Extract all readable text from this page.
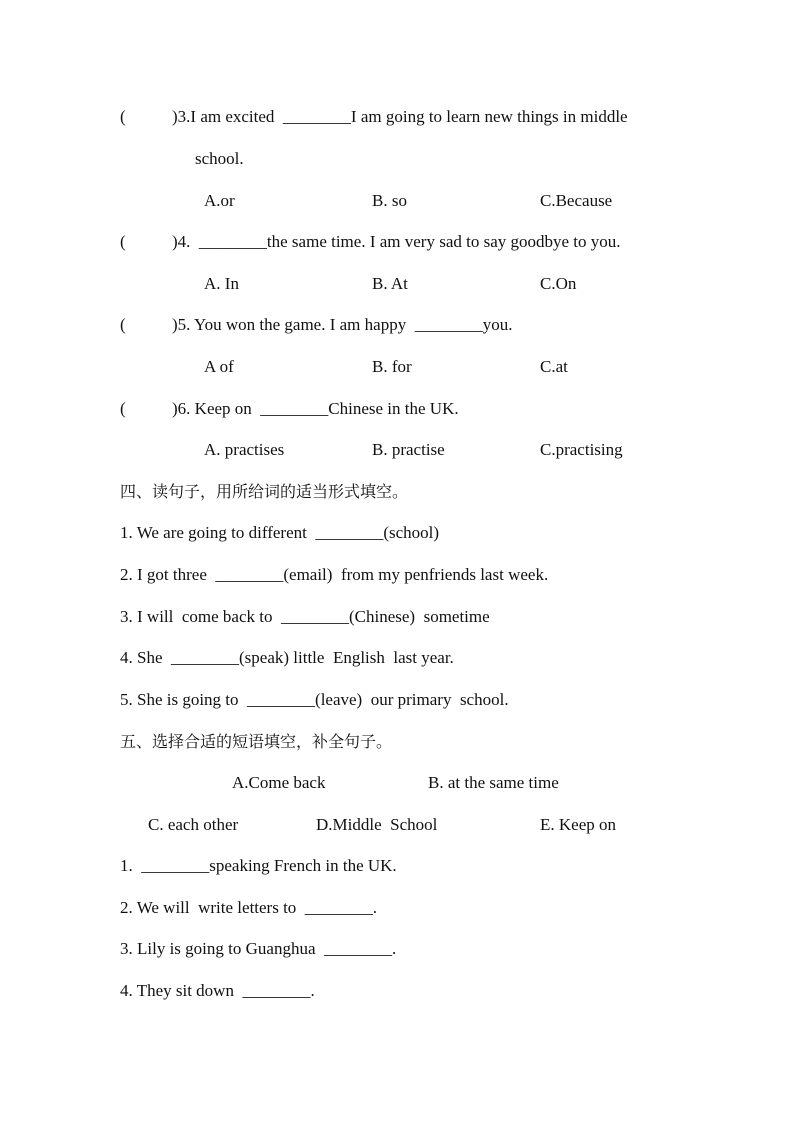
(	)3.I am excited  ________I am going to learn new things in middle
school.
A.or	B. so	C.Because
(	)4.  ________the same time. I am very sad to say goodbye to you.
A. In	B. At	C.On
(	)5. You won the game. I am happy  ________you.
A of	B. for	C.at
(	)6. Keep on  ________Chinese in the UK.
A. practises	B. practise	C.practising
四、读句子，用所给词的适当形式填空。
1. We are going to different  ________(school)
2. I got three  ________(email)  from my penfriends last week.
3. I will  come back to  ________(Chinese)  sometime
4. She  ________(speak) little  English  last year.
5. She is going to  ________(leave)  our primary  school.
五、选择合适的短语填空，补全句子。
A.Come back	B. at the same time
C. each other	D.Middle  School	E. Keep on
1.  ________speaking French in the UK.
2. We will  write letters to  ________.
3. Lily is going to Guanghua  ________.
4. They sit down  ________.
